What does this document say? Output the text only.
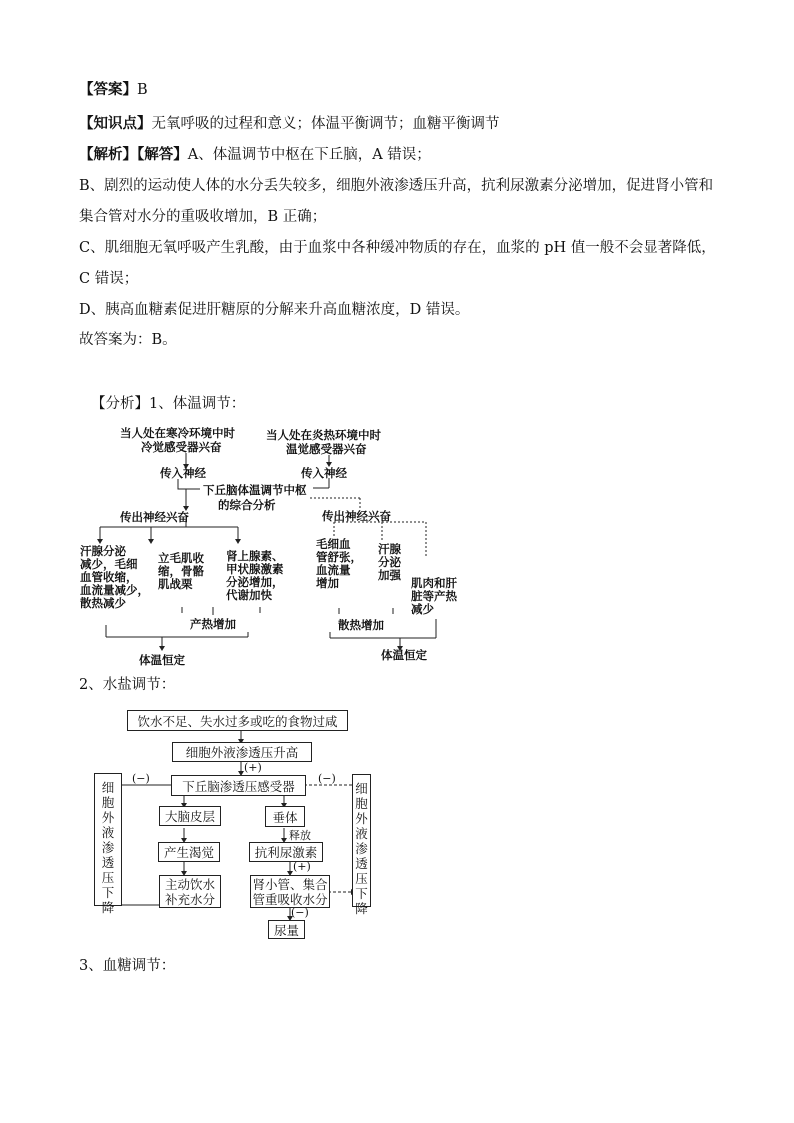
【答案】B
【知识点】无氧呼吸的过程和意义；体温平衡调节；血糖平衡调节
【解析】【解答】A、体温调节中枢在下丘脑，A 错误；
B、剧烈的运动使人体的水分丢失较多，细胞外液渗透压升高，抗利尿激素分泌增加，促进肾小管和
集合管对水分的重吸收增加，B 正确；
C、肌细胞无氧呼吸产生乳酸，由于血浆中各种缓冲物质的存在，血浆的 pH 值一般不会显著降低，
C 错误；
D、胰高血糖素促进肝糖原的分解来升高血糖浓度，D 错误。
故答案为：B。
【分析】1、体温调节：
当人处在寒冷环境中时
冷觉感受器兴奋
当人处在炎热环境中时
温觉感受器兴奋
传入神经	传入神经
下丘脑体温调节中枢
的综合分析
传出神经兴奋	传出神经兴奋
汗腺分泌
减少，毛细
血管收缩，
血流量减少，
散热减少
立毛肌收
缩，骨骼
肌战栗
肾上腺素、
甲状腺激素
分泌增加，
代谢加快
毛细血
管舒张，
血流量
增加
汗腺
分泌
加强
肌肉和肝
脏等产热
减少
产热增加	散热增加
体温恒定	体温恒定
2、水盐调节：
饮水不足、失水过多或吃的食物过咸
细胞外液渗透压升高
(+)
下丘脑渗透压感受器
(−)	(−)
大脑皮层	垂体
释放
产生渴觉	抗利尿激素
(+)
主动饮水
补充水分
肾小管、集合
管重吸收水分
(−)
尿量
细胞外液渗透压下降
细胞外液渗透压下降
3、血糖调节：
